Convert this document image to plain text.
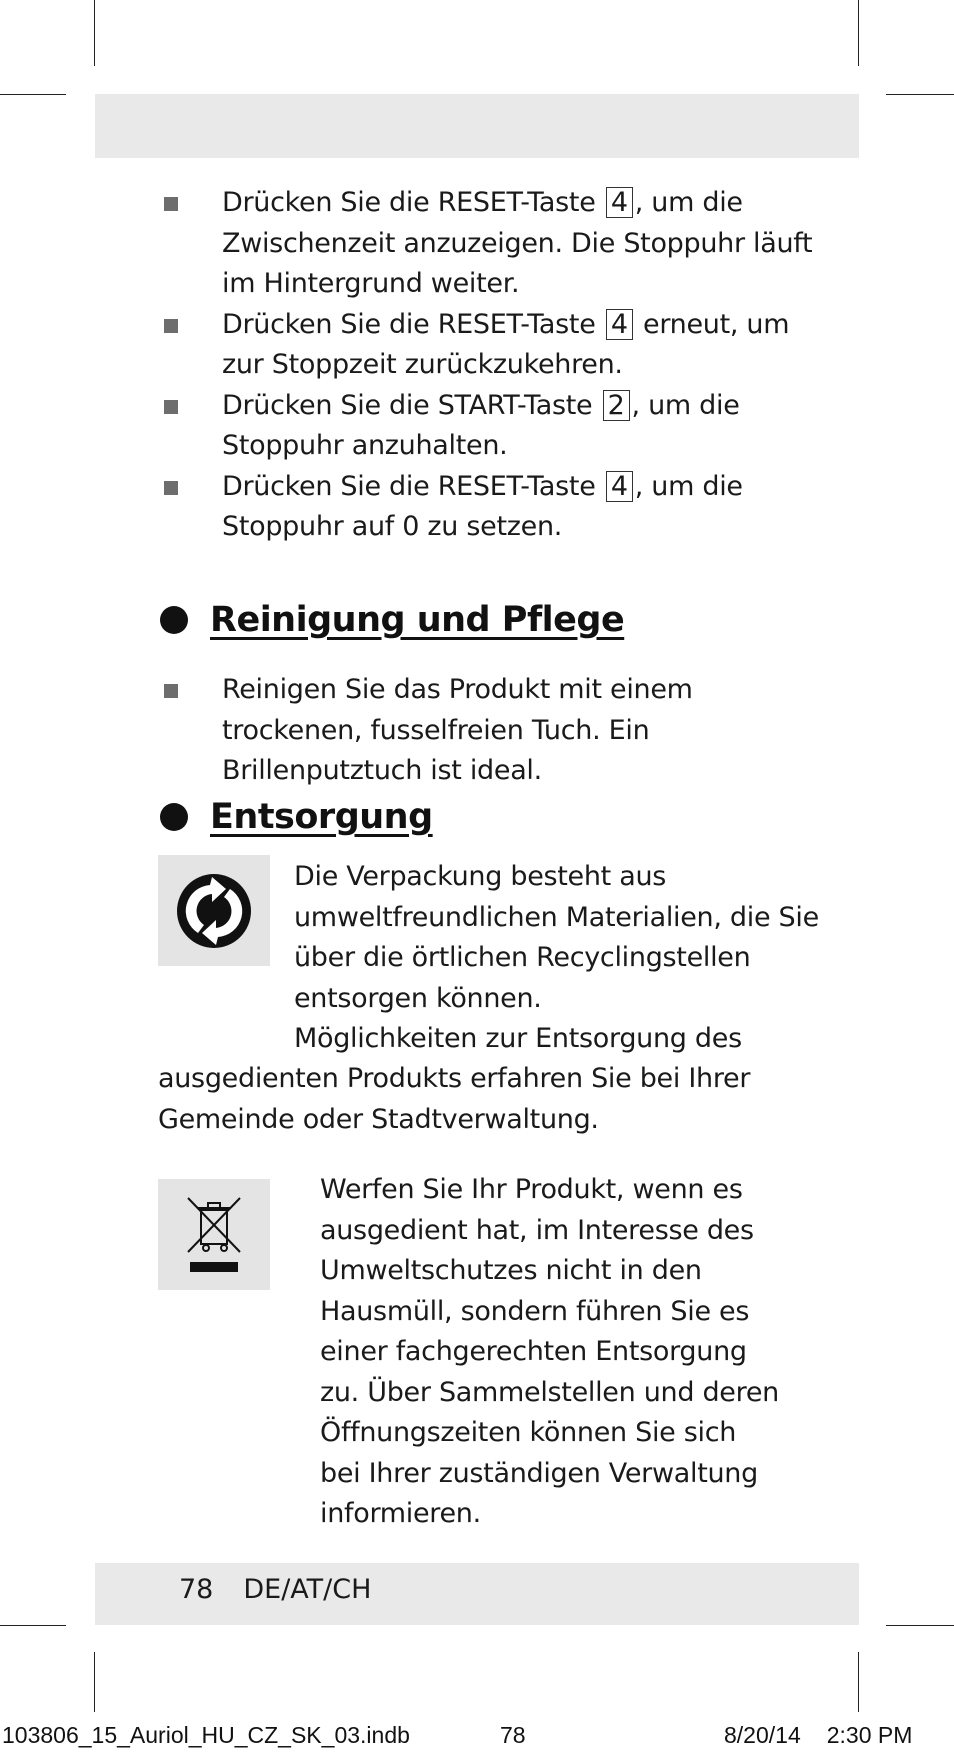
Drücken Sie die RESET-Taste 4 , um die Zwischenzeit anzuzeigen. Die Stoppuhr läuft im Hintergrund weiter.
Drücken Sie die RESET-Taste 4 erneut, um zur Stoppzeit zurückzukehren.
Drücken Sie die START-Taste 2 , um die Stoppuhr anzuhalten.
Drücken Sie die RESET-Taste 4 , um die Stoppuhr auf 0 zu setzen.
Reinigung und Pflege
Reinigen Sie das Produkt mit einem trockenen, fusselfreien Tuch. Ein Brillenputztuch ist ideal.
Entsorgung
Die Verpackung besteht aus
umweltfreundlichen Materialien, die Sie
über die örtlichen Recyclingstellen
entsorgen können.
Möglichkeiten zur Entsorgung des
ausgedienten Produkts erfahren Sie bei Ihrer
Gemeinde oder Stadtverwaltung.
Werfen Sie Ihr Produkt, wenn es
ausgedient hat, im Interesse des
Umweltschutzes nicht in den
Hausmüll, sondern führen Sie es
einer fachgerechten Entsorgung
zu. Über Sammelstellen und deren
Öffnungszeiten können Sie sich
bei Ihrer zuständigen Verwaltung
informieren.
78 DE/AT/CH
103806_15_Auriol_HU_CZ_SK_03.indb	78	8/20/14 2:30 PM
